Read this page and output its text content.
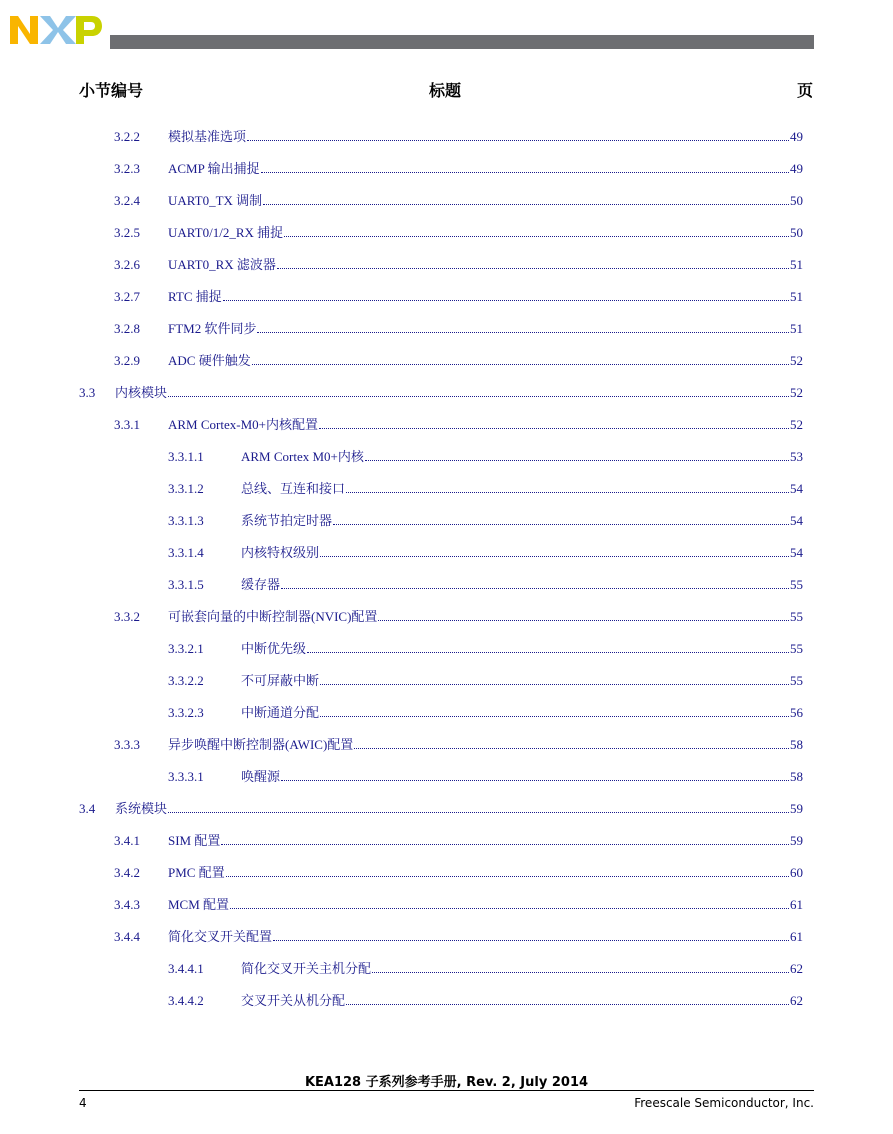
小节编号	标题	页
3.2.2	模拟基准选项	49
3.2.3	ACMP 输出捕捉	49
3.2.4	UART0_TX 调制	50
3.2.5	UART0/1/2_RX 捕捉	50
3.2.6	UART0_RX 滤波器	51
3.2.7	RTC 捕捉	51
3.2.8	FTM2 软件同步	51
3.2.9	ADC 硬件触发	52
3.3	内核模块	52
3.3.1	ARM Cortex-M0+内核配置	52
3.3.1.1	ARM Cortex M0+内核	53
3.3.1.2	总线、互连和接口	54
3.3.1.3	系统节拍定时器	54
3.3.1.4	内核特权级别	54
3.3.1.5	缓存器	55
3.3.2	可嵌套向量的中断控制器(NVIC)配置	55
3.3.2.1	中断优先级	55
3.3.2.2	不可屏蔽中断	55
3.3.2.3	中断通道分配	56
3.3.3	异步唤醒中断控制器(AWIC)配置	58
3.3.3.1	唤醒源	58
3.4	系统模块	59
3.4.1	SIM 配置	59
3.4.2	PMC 配置	60
3.4.3	MCM 配置	61
3.4.4	简化交叉开关配置	61
3.4.4.1	简化交叉开关主机分配	62
3.4.4.2	交叉开关从机分配	62
KEA128 子系列参考手册, Rev. 2, July 2014
4	Freescale Semiconductor, Inc.
